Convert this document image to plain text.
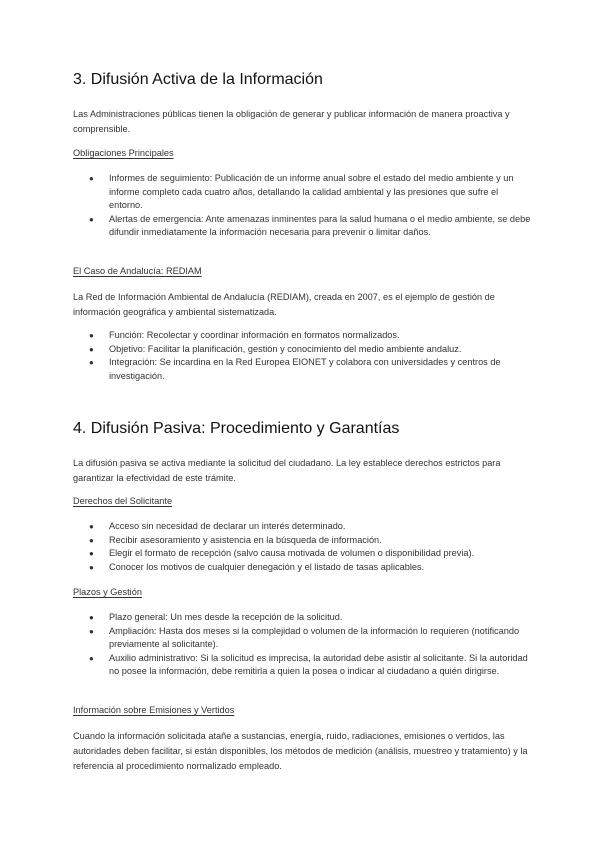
3. Difusión Activa de la Información

Las Administraciones públicas tienen la obligación de generar y publicar información de manera proactiva y comprensible.

Obligaciones Principales

● Informes de seguimiento: Publicación de un informe anual sobre el estado del medio ambiente y un informe completo cada cuatro años, detallando la calidad ambiental y las presiones que sufre el entorno.
● Alertas de emergencia: Ante amenazas inminentes para la salud humana o el medio ambiente, se debe difundir inmediatamente la información necesaria para prevenir o limitar daños.

El Caso de Andalucía: REDIAM

La Red de Información Ambiental de Andalucía (REDIAM), creada en 2007, es el ejemplo de gestión de información geográfica y ambiental sistematizada.

● Función: Recolectar y coordinar información en formatos normalizados.
● Objetivo: Facilitar la planificación, gestión y conocimiento del medio ambiente andaluz.
● Integración: Se incardina en la Red Europea EIONET y colabora con universidades y centros de investigación.
4. Difusión Pasiva: Procedimiento y Garantías

La difusión pasiva se activa mediante la solicitud del ciudadano. La ley establece derechos estrictos para garantizar la efectividad de este trámite.

Derechos del Solicitante

● Acceso sin necesidad de declarar un interés determinado.
● Recibir asesoramiento y asistencia en la búsqueda de información.
● Elegir el formato de recepción (salvo causa motivada de volumen o disponibilidad previa).
● Conocer los motivos de cualquier denegación y el listado de tasas aplicables.

Plazos y Gestión

● Plazo general: Un mes desde la recepción de la solicitud.
● Ampliación: Hasta dos meses si la complejidad o volumen de la información lo requieren (notificando previamente al solicitante).
● Auxilio administrativo: Si la solicitud es imprecisa, la autoridad debe asistir al solicitante. Si la autoridad no posee la información, debe remitirla a quien la posea o indicar al ciudadano a quién dirigirse.

Información sobre Emisiones y Vertidos

Cuando la información solicitada atañe a sustancias, energía, ruido, radiaciones, emisiones o vertidos, las autoridades deben facilitar, si están disponibles, los métodos de medición (análisis, muestreo y tratamiento) y la referencia al procedimiento normalizado empleado.
